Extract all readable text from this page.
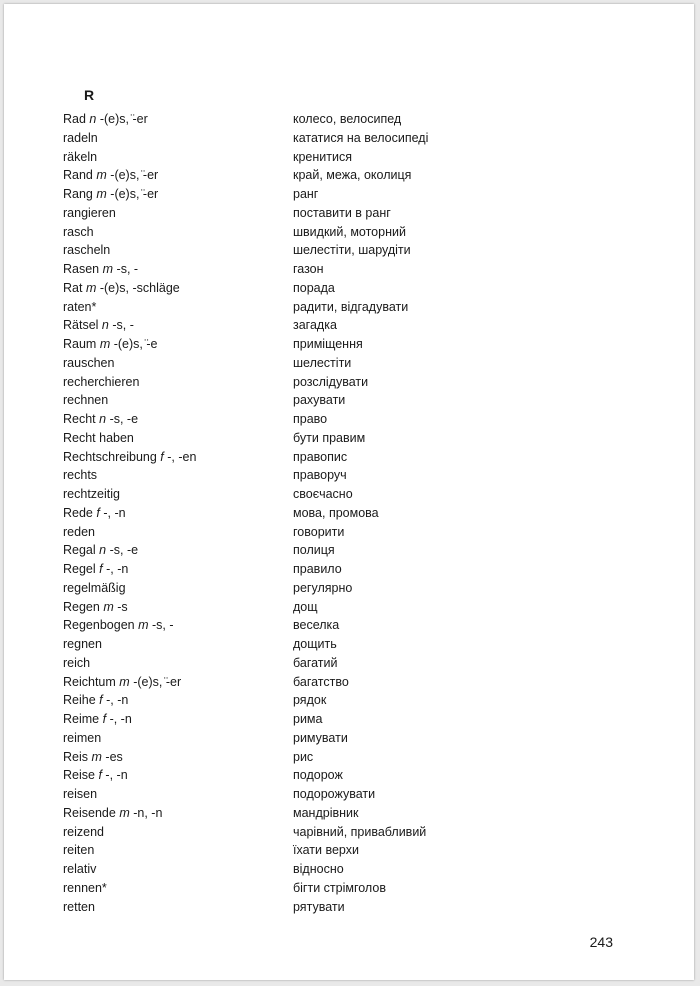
R
Rad n -(e)s, ̈-er	колесо, велосипед
radeln	кататися на велосипеді
räkeln	кренитися
Rand m -(e)s, ̈-er	край, межа, околиця
Rang m -(e)s, ̈-er	ранг
rangieren	поставити в ранг
rasch	швидкий, моторний
rascheln	шелестіти, шарудіти
Rasen m -s, -	газон
Rat m -(e)s, -schläge	порада
raten*	радити, відгадувати
Rätsel n -s, -	загадка
Raum m -(e)s, ̈-e	приміщення
rauschen	шелестіти
recherchieren	розслідувати
rechnen	рахувати
Recht n -s, -e	право
Recht haben	бути правим
Rechtschreibung f -, -en	правопис
rechts	праворуч
rechtzeitig	своєчасно
Rede f -, -n	мова, промова
reden	говорити
Regal n -s, -e	полиця
Regel f -, -n	правило
regelmäßig	регулярно
Regen m -s	дощ
Regenbogen m -s, -	веселка
regnen	дощить
reich	багатий
Reichtum m -(e)s, ̈-er	багатство
Reihe f -, -n	рядок
Reime f -, -n	рима
reimen	римувати
Reis m -es	рис
Reise f -, -n	подорож
reisen	подорожувати
Reisende m -n, -n	мандрівник
reizend	чарівний, привабливий
reiten	їхати верхи
relativ	відносно
rennen*	бігти стрімголов
retten	рятувати
243
